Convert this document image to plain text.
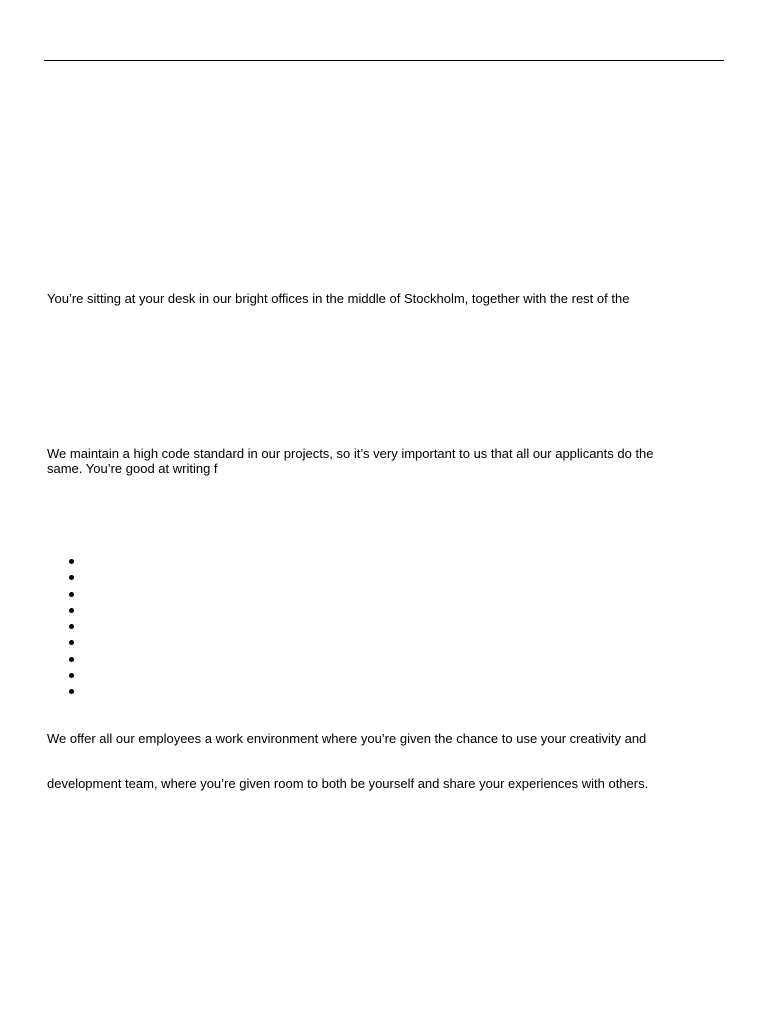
You’re sitting at your desk in our bright offices in the middle of Stockholm, together with the rest of the

We maintain a high code standard in our projects, so it’s very important to us that all our applicants do the
same. You’re good at writing f

We offer all our employees a work environment where you’re given the chance to use your creativity and

development team, where you’re given room to both be yourself and share your experiences with others.
